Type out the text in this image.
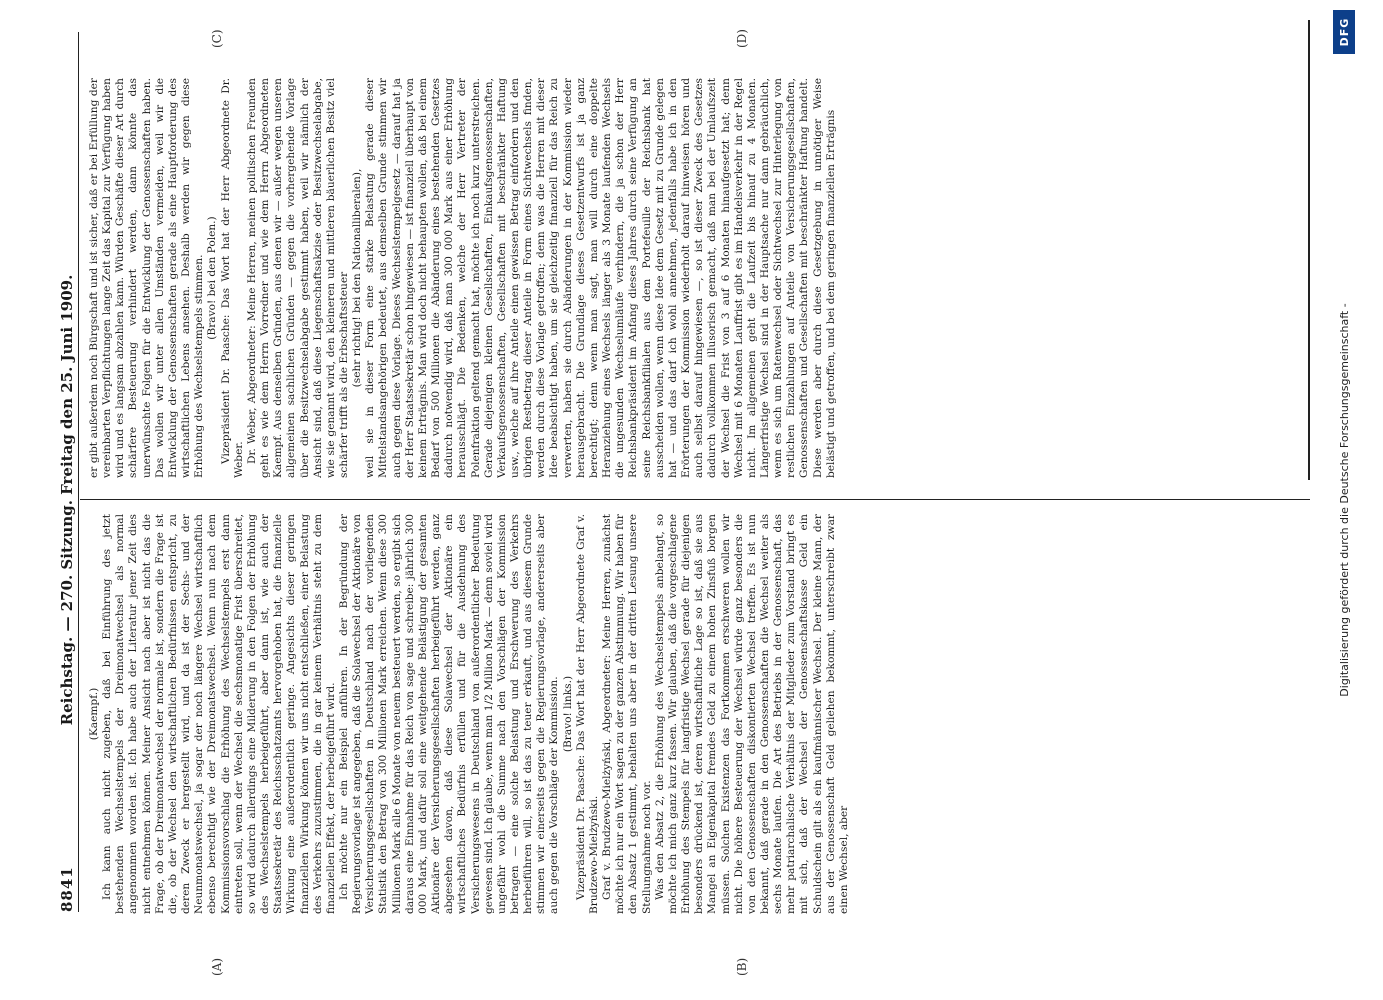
8841
Reichstag. — 270. Sitzung. Freitag den 25. Juni 1909.
(A)	(B)
(C)	(D)

(Kaempf.) Ich kann auch nicht zugeben, daß bei Einführung des jetzt bestehenden Wechselstempels der Dreimonatwechsel als normal angenommen worden ist. Ich habe auch der Literatur jener Zeit dies nicht entnehmen können. Meiner Ansicht nach aber ist nicht das die Frage, ob der Dreimonatwechsel der normale ist, sondern die Frage ist die, ob der Wechsel den wirtschaftlichen Bedürfnissen entspricht, zu deren Zweck er hergestellt wird, und da ist der Sechs- und der Neunmonatswechsel, ja sogar der noch längere Wechsel wirtschaftlich ebenso berechtigt wie der Dreimonatswechsel. Wenn nun nach dem Kommissionsvorschlag die Erhöhung des Wechselstempels erst dann eintreten soll, wenn der Wechsel die sechsmonatige Frist überschreitet, so wird dadurch allerdings eine Milderung in den Folgen der Erhöhung des Wechselstempels herbeigeführt, aber dann ist, wie auch der Staatssekretär des Reichsschatzamts hervorgehoben hat, die finanzielle Wirkung eine außerordentlich geringe. Angesichts dieser geringen finanziellen Wirkung können wir uns nicht entschließen, einer Belastung des Verkehrs zuzustimmen, die in gar keinem Verhältnis steht zu dem finanziellen Effekt, der herbeigeführt wird. Ich möchte nur ein Beispiel anführen. In der Begründung der Regierungsvorlage ist angegeben, daß die Solawechsel der Aktionäre von Versicherungsgesellschaften in Deutschland nach der vorliegenden Statistik den Betrag von 300 Millionen Mark erreichen. Wenn diese 300 Millionen Mark alle 6 Monate von neuem besteuert werden, so ergibt sich daraus eine Einnahme für das Reich von sage und schreibe: jährlich 300 000 Mark, und dafür soll eine weitgehende Belästigung der gesamten Aktionäre der Versicherungsgesellschaften herbeigeführt werden, ganz abgesehen davon, daß diese Solawechsel der Aktionäre ein wirtschaftliches Bedürfnis erfüllen und für die Ausdehnung des Versicherungswesens in Deutschland von außerordentlicher Bedeutung gewesen sind. Ich glaube, wenn man 1/2 Million Mark — denn soviel wird ungefähr wohl die Summe nach den Vorschlägen der Kommission betragen — eine solche Belastung und Erschwerung des Verkehrs herbeiführen will, so ist das zu teuer erkauft, und aus diesem Grunde stimmen wir einerseits gegen die Regierungsvorlage, andererseits aber auch gegen die Vorschläge der Kommission. (Bravo! links.) Vizepräsident Dr. Paasche: Das Wort hat der Herr Abgeordnete Graf v. Brudzewo-Mielżyński. Graf v. Brudzewo-Mielżyński, Abgeordneter: Meine Herren, zunächst möchte ich nur ein Wort sagen zu der ganzen Abstimmung. Wir haben für den Absatz 1 gestimmt, behalten uns aber in der dritten Lesung unsere Stellungnahme noch vor. Was den Absatz 2, die Erhöhung des Wechselstempels anbelangt, so möchte ich mich ganz kurz fassen. Wir glauben, daß die vorgeschlagene Erhöhung des Stempels für langfristige Wechsel gerade für diejenigen besonders drückend ist, deren wirtschaftliche Lage so ist, daß sie aus Mangel an Eigenkapital fremdes Geld zu einem hohen Zinsfuß borgen müssen. Solchen Existenzen das Fortkommen erschweren wollen wir nicht. Die höhere Besteuerung der Wechsel würde ganz besonders die von den Genossenschaften diskontierten Wechsel treffen. Es ist nun bekannt, daß gerade in den Genossenschaften die Wechsel weiter als sechs Monate laufen. Die Art des Betriebs in der Genossenschaft, das mehr patriarchalische Verhältnis der Mitglieder zum Vorstand bringt es mit sich, daß der Wechsel der Genossenschaftskasse Geld ein Schuldschein gilt als ein kaufmännischer Wechsel. Der kleine Mann, der aus der Genossenschaft Geld geliehen bekommt, unterschreibt zwar einen Wechsel, aber

er gibt außerdem noch Bürgschaft und ist sicher, daß er bei Erfüllung der vereinbarten Verpflichtungen lange Zeit das Kapital zur Verfügung haben wird und es langsam abzahlen kann. Würden Geschäfte dieser Art durch schärfere Besteuerung verhindert werden, dann könnte das unerwünschte Folgen für die Entwicklung der Genossenschaften haben. Das wollen wir unter allen Umständen vermeiden, weil wir die Entwicklung der Genossenschaften gerade als eine Hauptforderung des wirtschaftlichen Lebens ansehen. Deshalb werden wir gegen diese Erhöhung des Wechselstempels stimmen. (Bravo! bei den Polen.) Vizepräsident Dr. Paasche: Das Wort hat der Herr Abgeordnete Dr. Weber. Dr. Weber, Abgeordneter: Meine Herren, meinen politischen Freunden geht es wie dem Herrn Vorredner und wie dem Herrn Abgeordneten Kaempf. Aus denselben Gründen, aus denen wir — außer wegen unseren allgemeinen sachlichen Gründen — gegen die vorhergehende Vorlage über die Besitzwechselabgabe gestimmt haben, weil wir nämlich der Ansicht sind, daß diese Liegenschaftsakzise oder Besitzwechselabgabe, wie sie genannt wird, den kleineren und mittleren bäuerlichen Besitz viel schärfer trifft als die Erbschaftssteuer (sehr richtig! bei den Nationalliberalen), weil sie in dieser Form eine starke Belastung gerade dieser Mittelstandsangehörigen bedeutet, aus demselben Grunde stimmen wir auch gegen diese Vorlage. Dieses Wechselstempelgesetz — darauf hat ja der Herr Staatssekretär schon hingewiesen — ist finanziell überhaupt von keinem Erträgnis. Man wird doch nicht behaupten wollen, daß bei einem Bedarf von 500 Millionen die Abänderung eines bestehenden Gesetzes dadurch notwendig wird, daß man 300 000 Mark aus einer Erhöhung herausschlägt. Die Bedenken, welche der Herr Vertreter der Polenfraktion geltend gemacht hat, möchte ich noch kurz unterstreichen. Gerade diejenigen kleinen Gesellschaften, Einkaufsgenossenschaften, Verkaufsgenossenschaften, Gesellschaften mit beschränkter Haftung usw., welche auf ihre Anteile einen gewissen Betrag einfordern und den übrigen Restbetrag dieser Anteile in Form eines Sichtwechsels finden, werden durch diese Vorlage getroffen; denn was die Herren mit dieser Idee beabsichtigt haben, um sie gleichzeitig finanziell für das Reich zu verwerten, haben sie durch Abänderungen in der Kommission wieder herausgebracht. Die Grundlage dieses Gesetzentwurfs ist ja ganz berechtigt; denn wenn man sagt, man will durch eine doppelte Heranziehung eines Wechsels länger als 3 Monate laufenden Wechsels die ungesunden Wechselumläufe verhindern, die ja schon der Herr Reichsbankpräsident im Anfang dieses Jahres durch seine Verfügung an seine Reichsbankfilialen aus dem Portefeuille der Reichsbank hat ausscheiden wollen, wenn diese Idee dem Gesetz mit zu Grunde gelegen hat — und das darf ich wohl annehmen, jedenfalls habe ich in den Erörterungen der Kommission wiederholt darauf hinweisen hören und auch selbst darauf hingewiesen —, so ist dieser Zweck des Gesetzes dadurch vollkommen illusorisch gemacht, daß man bei der Umlaufszeit der Wechsel die Frist von 3 auf 6 Monaten hinaufgesetzt hat; denn Wechsel mit 6 Monaten Lauffrist gibt es im Handelsverkehr in der Regel nicht. Im allgemeinen geht die Laufzeit bis hinauf zu 4 Monaten. Längerfristige Wechsel sind in der Hauptsache nur dann gebräuchlich, wenn es sich um Ratenwechsel oder Sichtwechsel zur Hinterlegung von restlichen Einzahlungen auf Anteile von Versicherungsgesellschaften, Genossenschaften und Gesellschaften mit beschränkter Haftung handelt. Diese werden aber durch diese Gesetzgebung in unnötiger Weise belästigt und getroffen, und bei dem geringen finanziellen Erträgnis

Digitalisierung gefördert durch die Deutsche Forschungsgemeinschaft -
DFG
